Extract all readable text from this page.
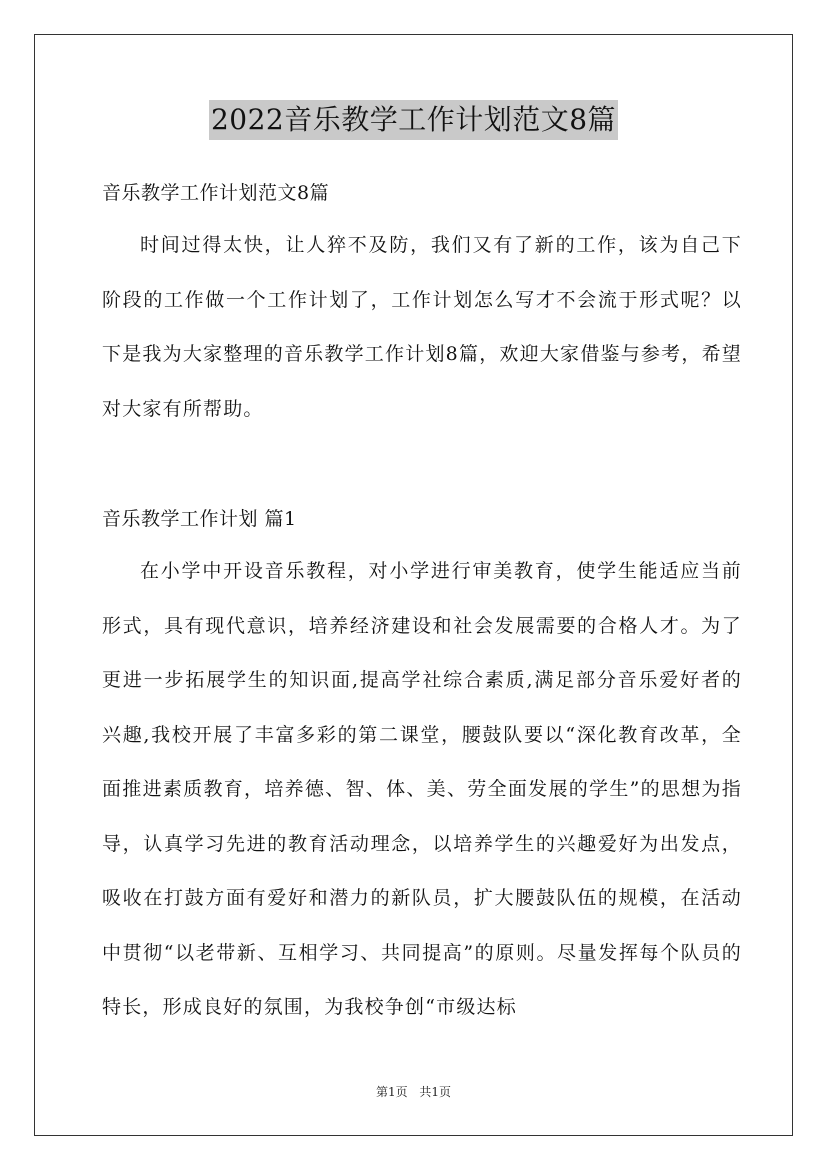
2022音乐教学工作计划范文8篇

音乐教学工作计划范文8篇

时间过得太快，让人猝不及防，我们又有了新的工作，该为自己下阶段的工作做一个工作计划了，工作计划怎么写才不会流于形式呢？以下是我为大家整理的音乐教学工作计划8篇，欢迎大家借鉴与参考，希望对大家有所帮助。

音乐教学工作计划 篇1

在小学中开设音乐教程，对小学进行审美教育，使学生能适应当前形式，具有现代意识，培养经济建设和社会发展需要的合格人才。为了更进一步拓展学生的知识面,提高学社综合素质,满足部分音乐爱好者的兴趣,我校开展了丰富多彩的第二课堂，腰鼓队要以“深化教育改革，全面推进素质教育，培养德、智、体、美、劳全面发展的学生”的思想为指导，认真学习先进的教育活动理念，以培养学生的兴趣爱好为出发点，吸收在打鼓方面有爱好和潜力的新队员，扩大腰鼓队伍的规模，在活动中贯彻“以老带新、互相学习、共同提高”的原则。尽量发挥每个队员的特长，形成良好的氛围，为我校争创“市级达标

第1页 共1页
